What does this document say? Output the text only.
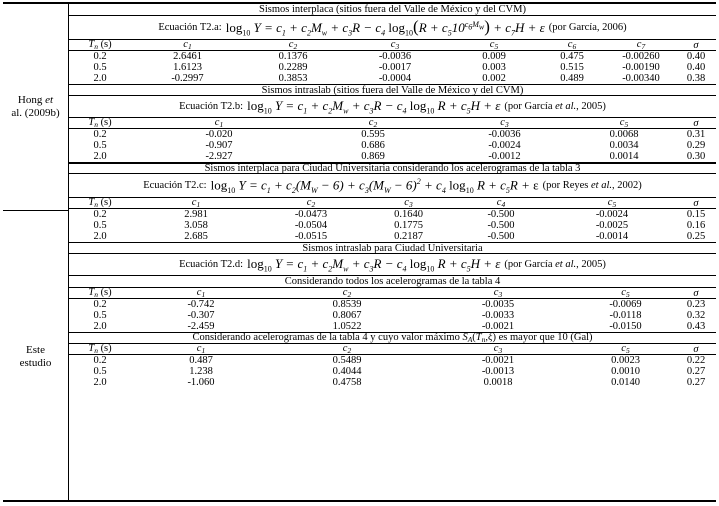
Hong et
al. (2009b)
Este
estudio
Sismos interplaca (sitios fuera del Valle de México y del CVM)
Ecuación T2.a: $\log_{10} Y = c_1 + c_2M_w + c_3R - c_4$ $\log_{10}(R + c_510^{c_6M_w}) + c_7H + \varepsilon$ (por García, 2006)
$T_n$ (s)	$c_1$	$c_2$	$c_3$	$c_5$	$c_6$	$c_7$	σ
0.2	2.6461	0.1376	-0.0036	0.009	0.475	-0.00260	0.40
0.5	1.6123	0.2289	-0.0017	0.003	0.515	-0.00190	0.40
2.0	-0.2997	0.3853	-0.0004	0.002	0.489	-0.00340	0.38
Sismos intraslab (sitios fuera del Valle de México y del CVM)
Ecuación T2.b: $\log_{10} Y = c_1 + c_2M_w + c_3R - c_4$ $\log_{10} R + c_5H + \varepsilon$ (por García et al., 2005)
$T_n$ (s)	$c_1$	$c_2$	$c_3$	$c_5$	σ
0.2	-0.020	0.595	-0.0036	0.0068	0.31
0.5	-0.907	0.686	-0.0024	0.0034	0.29
2.0	-2.927	0.869	-0.0012	0.0014	0.30
Sismos interplaca para Ciudad Universitaria considerando los acelerogramas de la tabla 3
Ecuación T2.c: $\log_{10} Y = c_1 + c_2(M_W - 6) + c_3(M_W - 6)^2 + c_4$ $\log_{10} R + c_5R + \varepsilon$ (por Reyes et al., 2002)
$T_n$ (s)	$c_1$	$c_2$	$c_3$	$c_4$	$c_5$	σ
0.2	2.981	-0.0473	0.1640	-0.500	-0.0024	0.15
0.5	3.058	-0.0504	0.1775	-0.500	-0.0025	0.16
2.0	2.685	-0.0515	0.2187	-0.500	-0.0014	0.25
Sismos intraslab para Ciudad Universitaria
Ecuación T2.d: $\log_{10} Y = c_1 + c_2M_w + c_3R - c_4$ $\log_{10} R + c_5H + \varepsilon$ (por García et al., 2005)
Considerando todos los acelerogramas de la tabla 4
$T_n$ (s)	$c_1$	$c_2$	$c_3$	$c_5$	σ
0.2	-0.742	0.8539	-0.0035	-0.0069	0.23
0.5	-0.307	0.8067	-0.0033	-0.0118	0.32
2.0	-2.459	1.0522	-0.0021	-0.0150	0.43
Considerando acelerogramas de la tabla 4 y cuyo valor máximo $S_A(T_n,\xi)$ es mayor que 10 (Gal)
$T_n$ (s)	$c_1$	$c_2$	$c_3$	$c_5$	σ
0.2	0.487	0.5489	-0.0021	0.0023	0.22
0.5	1.238	0.4044	-0.0013	0.0010	0.27
2.0	-1.060	0.4758	0.0018	0.0140	0.27
